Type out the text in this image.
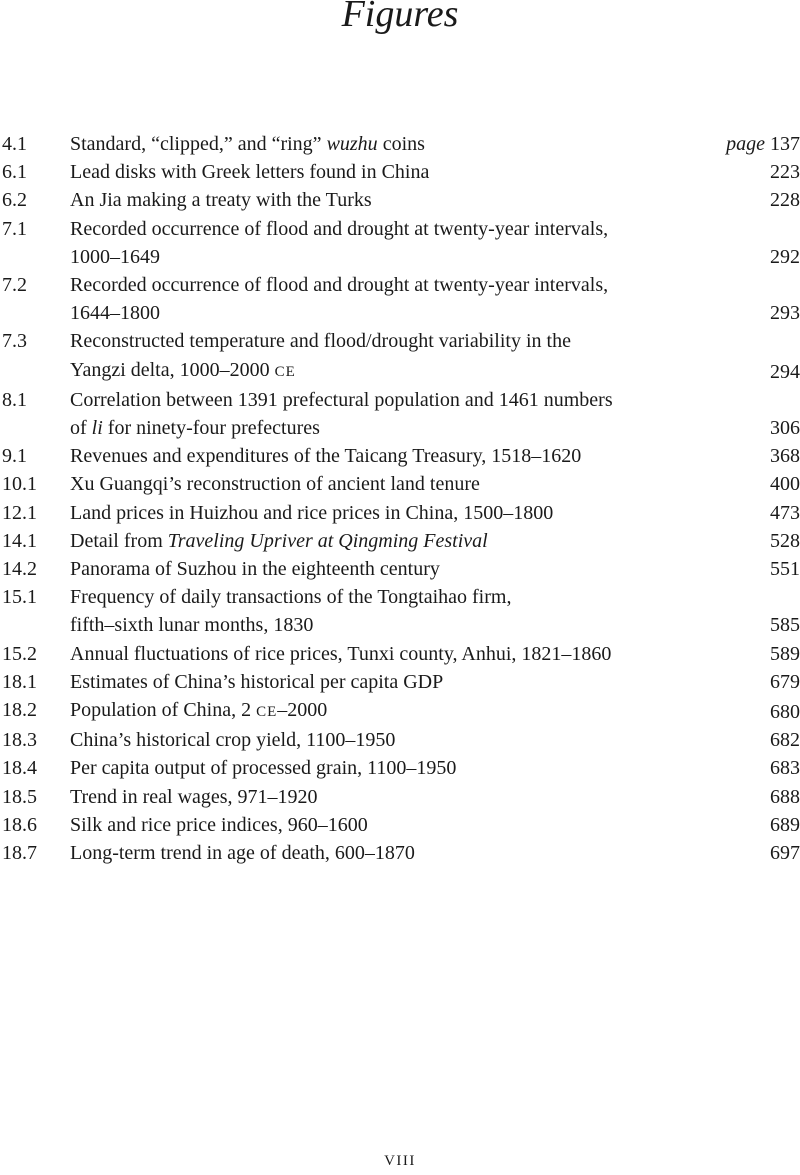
Figures
4.1	Standard, “clipped,” and “ring” wuzhu coins	page 137
6.1	Lead disks with Greek letters found in China	223
6.2	An Jia making a treaty with the Turks	228
7.1	Recorded occurrence of flood and drought at twenty-year intervals,
1000–1649	292
7.2	Recorded occurrence of flood and drought at twenty-year intervals,
1644–1800	293
7.3	Reconstructed temperature and flood/drought variability in the
Yangzi delta, 1000–2000 CE	294
8.1	Correlation between 1391 prefectural population and 1461 numbers
of li for ninety-four prefectures	306
9.1	Revenues and expenditures of the Taicang Treasury, 1518–1620	368
10.1	Xu Guangqi’s reconstruction of ancient land tenure	400
12.1	Land prices in Huizhou and rice prices in China, 1500–1800	473
14.1	Detail from Traveling Upriver at Qingming Festival	528
14.2	Panorama of Suzhou in the eighteenth century	551
15.1	Frequency of daily transactions of the Tongtaihao firm,
fifth–sixth lunar months, 1830	585
15.2	Annual fluctuations of rice prices, Tunxi county, Anhui, 1821–1860	589
18.1	Estimates of China’s historical per capita GDP	679
18.2	Population of China, 2 CE–2000	680
18.3	China’s historical crop yield, 1100–1950	682
18.4	Per capita output of processed grain, 1100–1950	683
18.5	Trend in real wages, 971–1920	688
18.6	Silk and rice price indices, 960–1600	689
18.7	Long-term trend in age of death, 600–1870	697
VIII
